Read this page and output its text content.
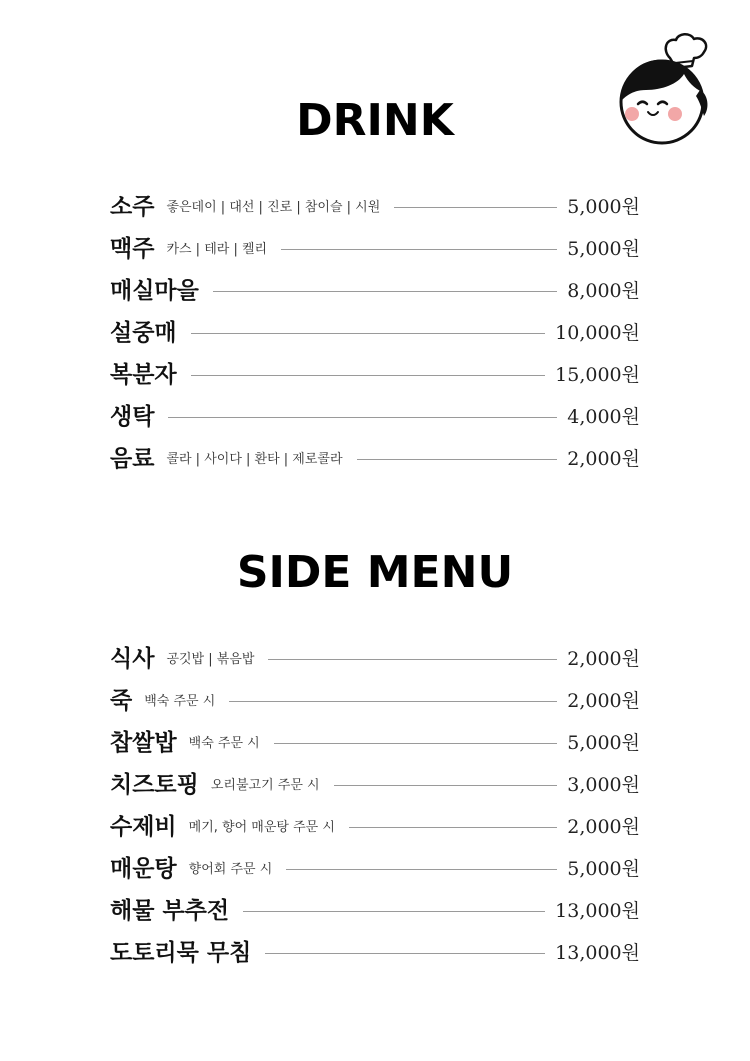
DRINK
소주 좋은데이 | 대선 | 진로 | 참이슬 | 시원	5,000원
맥주 카스 | 테라 | 켈리	5,000원
매실마을	8,000원
설중매	10,000원
복분자	15,000원
생탁	4,000원
음료 콜라 | 사이다 | 환타 | 제로콜라	2,000원
SIDE MENU
식사 공깃밥 | 볶음밥	2,000원
죽 백숙 주문 시	2,000원
찹쌀밥 백숙 주문 시	5,000원
치즈토핑 오리불고기 주문 시	3,000원
수제비 메기, 향어 매운탕 주문 시	2,000원
매운탕 향어회 주문 시	5,000원
해물 부추전	13,000원
도토리묵 무침	13,000원
